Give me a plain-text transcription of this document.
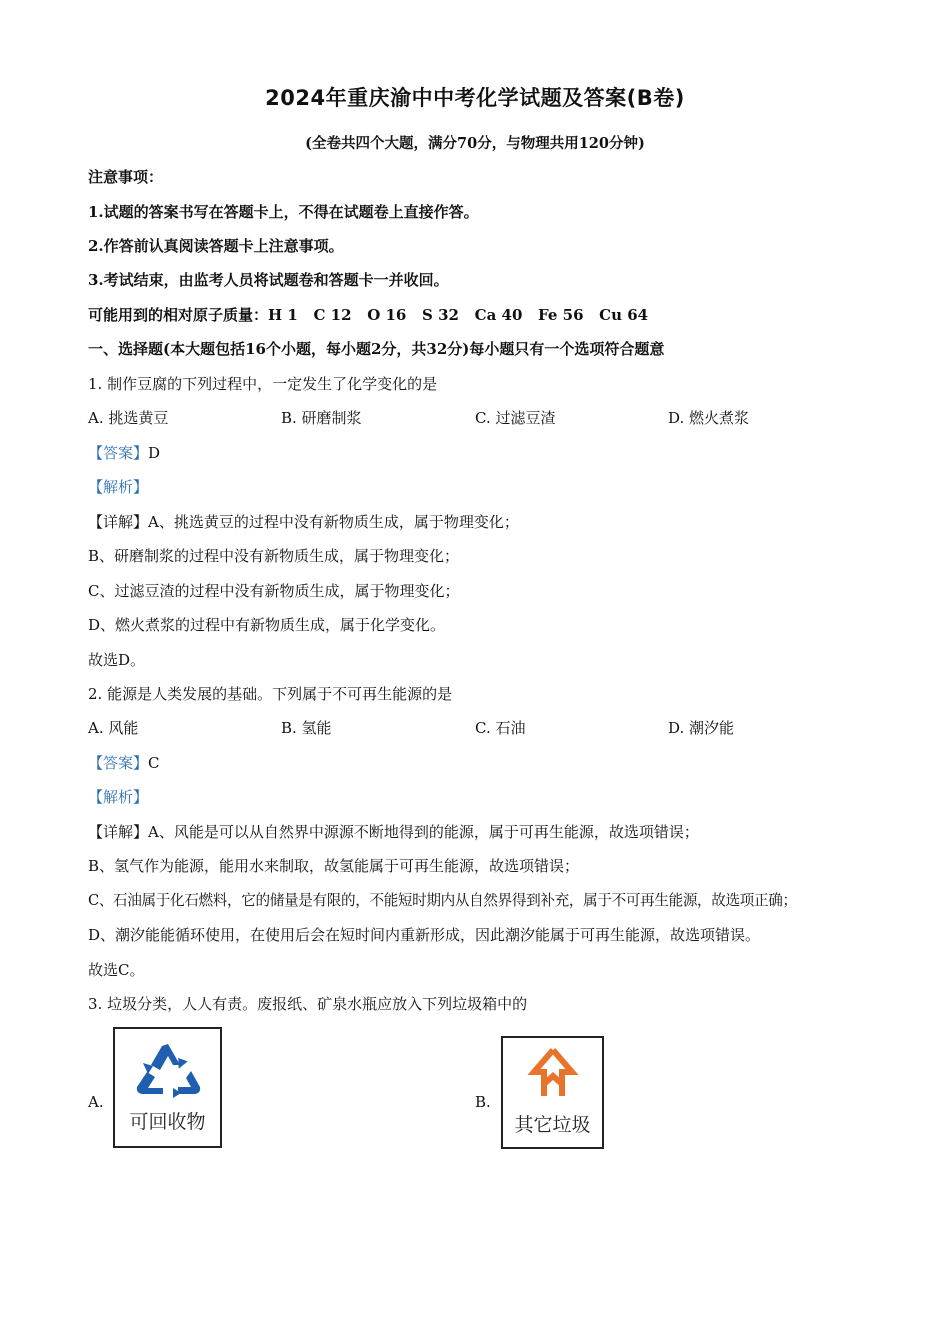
2024年重庆渝中中考化学试题及答案(B卷)
(全卷共四个大题，满分70分，与物理共用120分钟)
注意事项：
1.试题的答案书写在答题卡上，不得在试题卷上直接作答。
2.作答前认真阅读答题卡上注意事项。
3.考试结束，由监考人员将试题卷和答题卡一并收回。
可能用到的相对原子质量：H 1   C 12   O 16   S 32   Ca 40   Fe 56   Cu 64
一、选择题(本大题包括16个小题，每小题2分，共32分)每小题只有一个选项符合题意
1. 制作豆腐的下列过程中，一定发生了化学变化的是
A. 挑选黄豆	B. 研磨制浆	C. 过滤豆渣	D. 燃火煮浆
【答案】D
【解析】
【详解】A、挑选黄豆的过程中没有新物质生成，属于物理变化；
B、研磨制浆的过程中没有新物质生成，属于物理变化；
C、过滤豆渣的过程中没有新物质生成，属于物理变化；
D、燃火煮浆的过程中有新物质生成，属于化学变化。
故选D。
2. 能源是人类发展的基础。下列属于不可再生能源的是
A. 风能	B. 氢能	C. 石油	D. 潮汐能
【答案】C
【解析】
【详解】A、风能是可以从自然界中源源不断地得到的能源，属于可再生能源，故选项错误；
B、氢气作为能源，能用水来制取，故氢能属于可再生能源，故选项错误；
C、石油属于化石燃料，它的储量是有限的，不能短时期内从自然界得到补充，属于不可再生能源，故选项正确；
D、潮汐能能循环使用，在使用后会在短时间内重新形成，因此潮汐能属于可再生能源，故选项错误。
故选C。
3. 垃圾分类，人人有责。废报纸、矿泉水瓶应放入下列垃圾箱中的
A.
可回收物
B.
其它垃圾
